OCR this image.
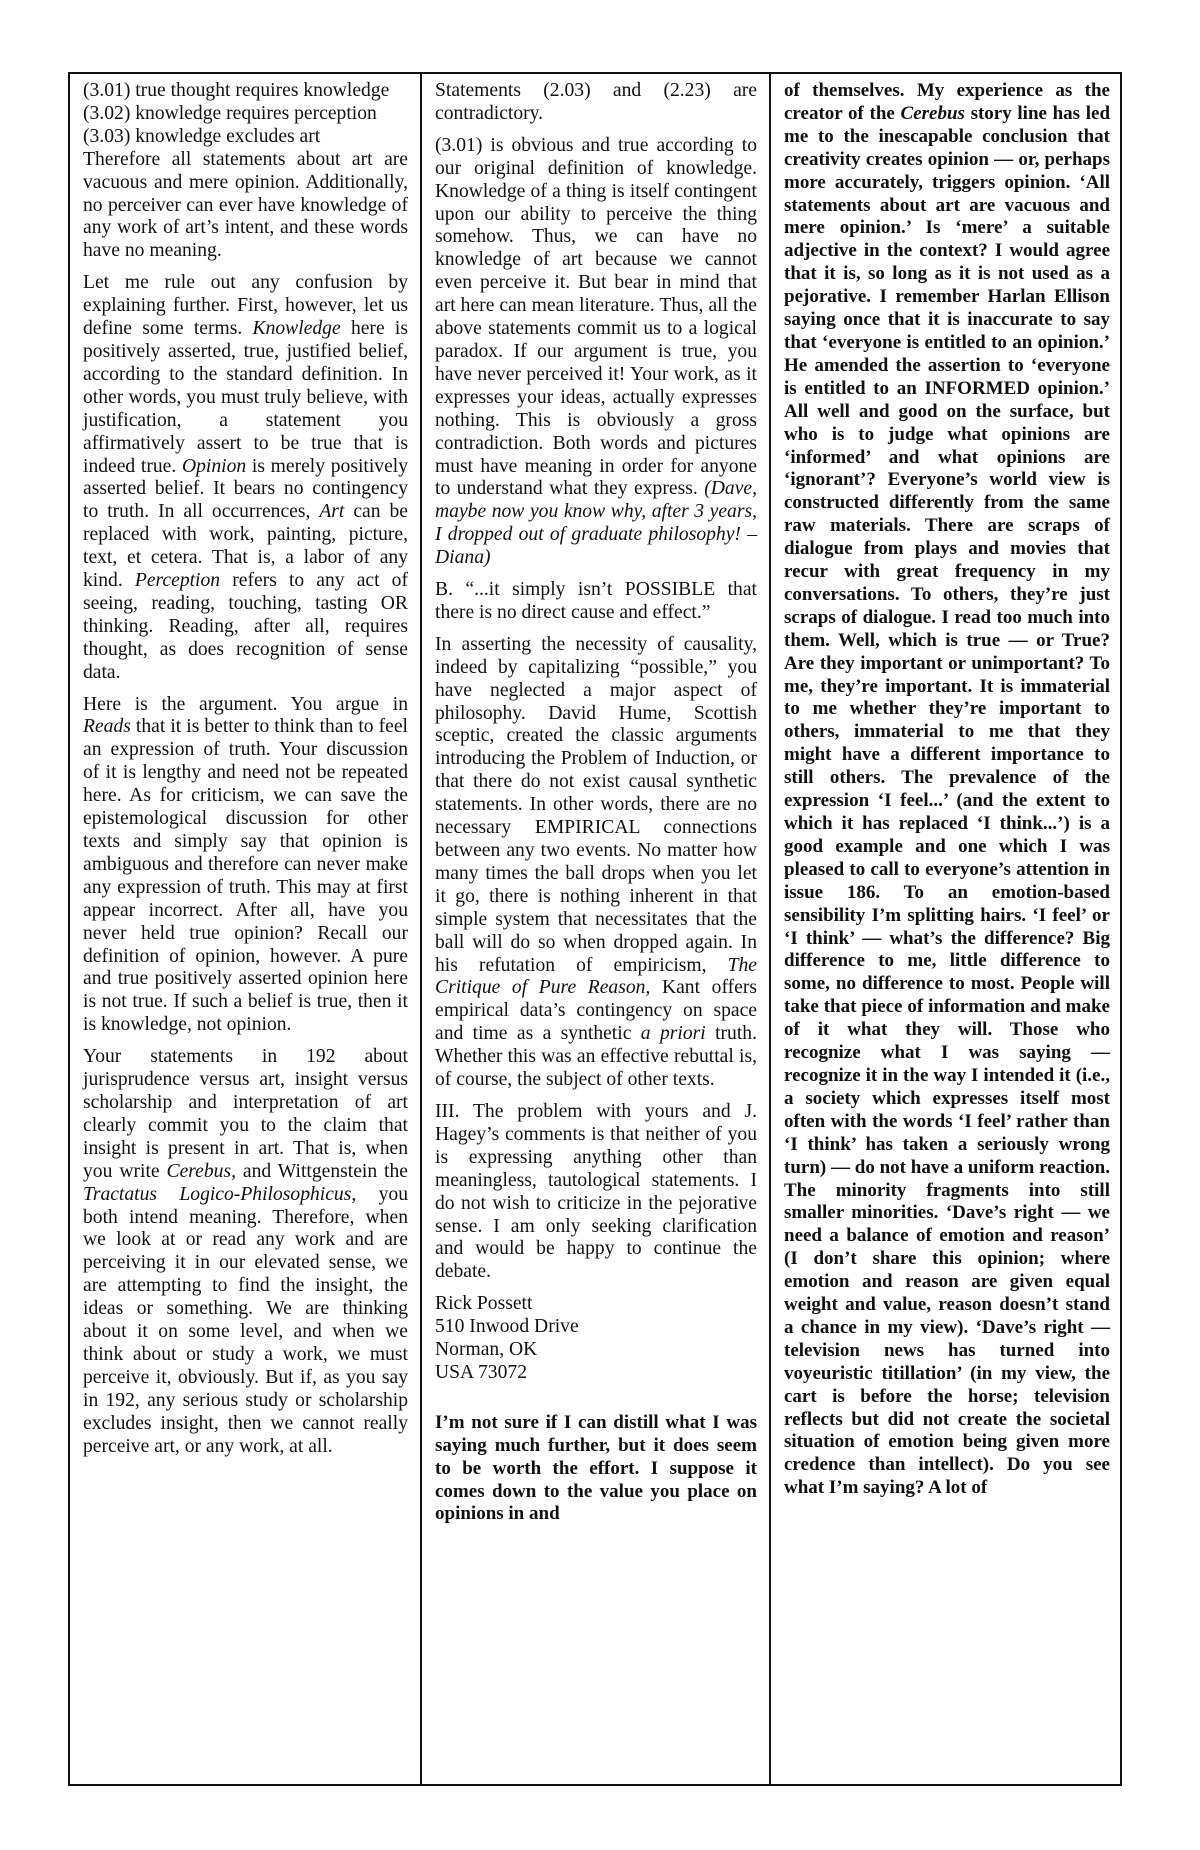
(3.01) true thought requires knowledge

(3.02) knowledge requires perception

(3.03) knowledge excludes art

Therefore all statements about art are vacuous and mere opinion. Additionally, no perceiver can ever have knowledge of any work of art’s intent, and these words have no meaning.

Let me rule out any confusion by explaining further. First, however, let us define some terms. Knowledge here is positively asserted, true, justified belief, according to the standard definition. In other words, you must truly believe, with justification, a statement you affirmatively assert to be true that is indeed true. Opinion is merely positively asserted belief. It bears no contingency to truth. In all occurrences, Art can be replaced with work, painting, picture, text, et cetera. That is, a labor of any kind. Perception refers to any act of seeing, reading, touching, tasting OR thinking. Reading, after all, requires thought, as does recognition of sense data.

Here is the argument. You argue in Reads that it is better to think than to feel an expression of truth. Your discussion of it is lengthy and need not be repeated here. As for criticism, we can save the epistemological discussion for other texts and simply say that opinion is ambiguous and therefore can never make any expression of truth. This may at first appear incorrect. After all, have you never held true opinion? Recall our definition of opinion, however. A pure and true positively asserted opinion here is not true. If such a belief is true, then it is knowledge, not opinion.

Your statements in 192 about jurisprudence versus art, insight versus scholarship and interpretation of art clearly commit you to the claim that insight is present in art. That is, when you write Cerebus, and Wittgenstein the Tractatus Logico-Philosophicus, you both intend meaning. Therefore, when we look at or read any work and are perceiving it in our elevated sense, we are attempting to find the insight, the ideas or something. We are thinking about it on some level, and when we think about or study a work, we must perceive it, obviously. But if, as you say in 192, any serious study or scholarship excludes insight, then we cannot really perceive art, or any work, at all.

Statements (2.03) and (2.23) are contradictory.

(3.01) is obvious and true according to our original definition of knowledge. Knowledge of a thing is itself contingent upon our ability to perceive the thing somehow. Thus, we can have no knowledge of art because we cannot even perceive it. But bear in mind that art here can mean literature. Thus, all the above statements commit us to a logical paradox. If our argument is true, you have never perceived it! Your work, as it expresses your ideas, actually expresses nothing. This is obviously a gross contradiction. Both words and pictures must have meaning in order for anyone to understand what they express. (Dave, maybe now you know why, after 3 years, I dropped out of graduate philosophy! –Diana)

B. “...it simply isn’t POSSIBLE that there is no direct cause and effect.”

In asserting the necessity of causality, indeed by capitalizing “possible,” you have neglected a major aspect of philosophy. David Hume, Scottish sceptic, created the classic arguments introducing the Problem of Induction, or that there do not exist causal synthetic statements. In other words, there are no necessary EMPIRICAL connections between any two events. No matter how many times the ball drops when you let it go, there is nothing inherent in that simple system that necessitates that the ball will do so when dropped again. In his refutation of empiricism, The Critique of Pure Reason, Kant offers empirical data’s contingency on space and time as a synthetic a priori truth. Whether this was an effective rebuttal is, of course, the subject of other texts.

III. The problem with yours and J. Hagey’s comments is that neither of you is expressing anything other than meaningless, tautological statements. I do not wish to criticize in the pejorative sense. I am only seeking clarification and would be happy to continue the debate.

Rick Possett

510 Inwood Drive

Norman, OK

USA 73072

I’m not sure if I can distill what I was saying much further, but it does seem to be worth the effort. I suppose it comes down to the value you place on opinions in and

of themselves. My experience as the creator of the Cerebus story line has led me to the inescapable conclusion that creativity creates opinion — or, perhaps more accurately, triggers opinion. ‘All statements about art are vacuous and mere opinion.’ Is ‘mere’ a suitable adjective in the context? I would agree that it is, so long as it is not used as a pejorative. I remember Harlan Ellison saying once that it is inaccurate to say that ‘everyone is entitled to an opinion.’ He amended the assertion to ‘everyone is entitled to an INFORMED opinion.’ All well and good on the surface, but who is to judge what opinions are ‘informed’ and what opinions are ‘ignorant’? Everyone’s world view is constructed differently from the same raw materials. There are scraps of dialogue from plays and movies that recur with great frequency in my conversations. To others, they’re just scraps of dialogue. I read too much into them. Well, which is true — or True? Are they important or unimportant? To me, they’re important. It is immaterial to me whether they’re important to others, immaterial to me that they might have a different importance to still others. The prevalence of the expression ‘I feel...’ (and the extent to which it has replaced ‘I think...’) is a good example and one which I was pleased to call to everyone’s attention in issue 186. To an emotion-based sensibility I’m splitting hairs. ‘I feel’ or ‘I think’ — what’s the difference? Big difference to me, little difference to some, no difference to most. People will take that piece of information and make of it what they will. Those who recognize what I was saying — recognize it in the way I intended it (i.e., a society which expresses itself most often with the words ‘I feel’ rather than ‘I think’ has taken a seriously wrong turn) — do not have a uniform reaction. The minority fragments into still smaller minorities. ‘Dave’s right — we need a balance of emotion and reason’ (I don’t share this opinion; where emotion and reason are given equal weight and value, reason doesn’t stand a chance in my view). ‘Dave’s right — television news has turned into voyeuristic titillation’ (in my view, the cart is before the horse; television reflects but did not create the societal situation of emotion being given more credence than intellect). Do you see what I’m saying? A lot of
